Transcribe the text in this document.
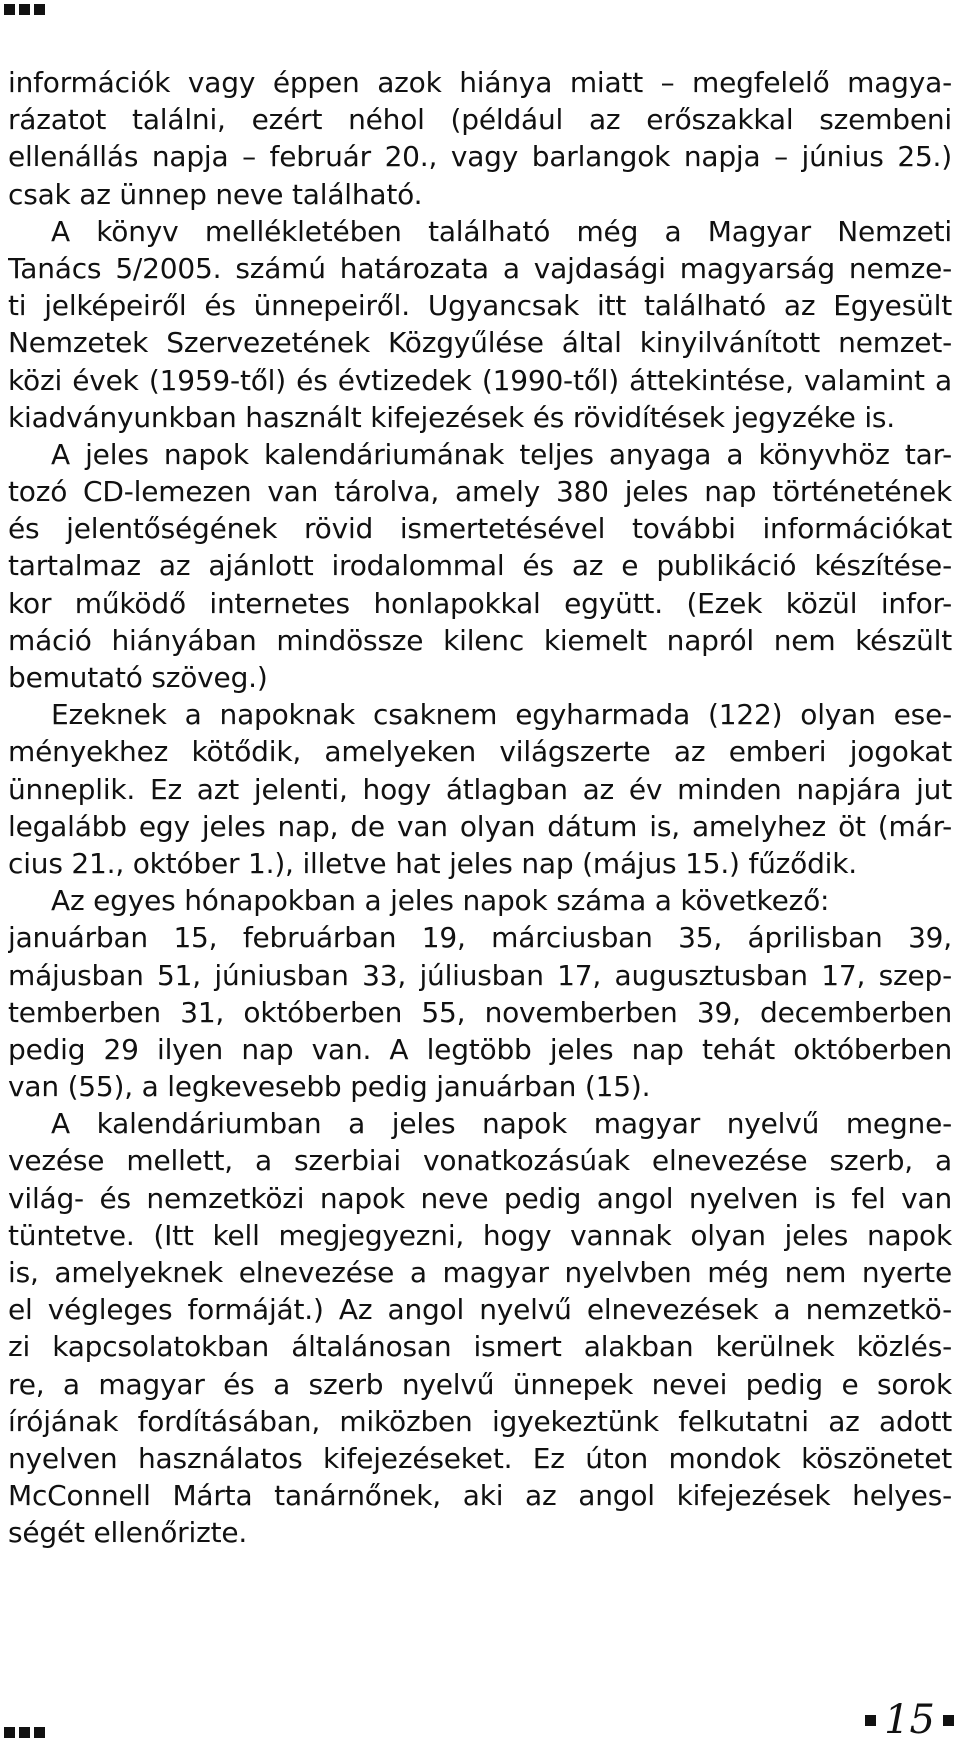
információk vagy éppen azok hiánya miatt – megfelelő magya-
rázatot találni, ezért néhol (például az erőszakkal szembeni
ellenállás napja – február 20., vagy barlangok napja – június 25.)
csak az ünnep neve található.
A könyv mellékletében található még a Magyar Nemzeti
Tanács 5/2005. számú határozata a vajdasági magyarság nemze-
ti jelképeiről és ünnepeiről. Ugyancsak itt található az Egyesült
Nemzetek Szervezetének Közgyűlése által kinyilvánított nemzet-
közi évek (1959-től) és évtizedek (1990-től) áttekintése, valamint a
kiadványunkban használt kifejezések és rövidítések jegyzéke is.
A jeles napok kalendáriumának teljes anyaga a könyvhöz tar-
tozó CD-lemezen van tárolva, amely 380 jeles nap történetének
és jelentőségének rövid ismertetésével további információkat
tartalmaz az ajánlott irodalommal és az e publikáció készítése-
kor működő internetes honlapokkal együtt. (Ezek közül infor-
máció hiányában mindössze kilenc kiemelt napról nem készült
bemutató szöveg.)
Ezeknek a napoknak csaknem egyharmada (122) olyan ese-
ményekhez kötődik, amelyeken világszerte az emberi jogokat
ünneplik. Ez azt jelenti, hogy átlagban az év minden napjára jut
legalább egy jeles nap, de van olyan dátum is, amelyhez öt (már-
cius 21., október 1.), illetve hat jeles nap (május 15.) fűződik.
Az egyes hónapokban a jeles napok száma a következő:
januárban 15, februárban 19, márciusban 35, áprilisban 39,
májusban 51, júniusban 33, júliusban 17, augusztusban 17, szep-
temberben 31, októberben 55, novemberben 39, decemberben
pedig 29 ilyen nap van. A legtöbb jeles nap tehát októberben
van (55), a legkevesebb pedig januárban (15).
A kalendáriumban a jeles napok magyar nyelvű megne-
vezése mellett, a szerbiai vonatkozásúak elnevezése szerb, a
világ- és nemzetközi napok neve pedig angol nyelven is fel van
tüntetve. (Itt kell megjegyezni, hogy vannak olyan jeles napok
is, amelyeknek elnevezése a magyar nyelvben még nem nyerte
el végleges formáját.) Az angol nyelvű elnevezések a nemzetkö-
zi kapcsolatokban általánosan ismert alakban kerülnek közlés-
re, a magyar és a szerb nyelvű ünnepek nevei pedig e sorok
írójának fordításában, miközben igyekeztünk felkutatni az adott
nyelven használatos kifejezéseket. Ez úton mondok köszönetet
McConnell Márta tanárnőnek, aki az angol kifejezések helyes-
ségét ellenőrizte.
15
